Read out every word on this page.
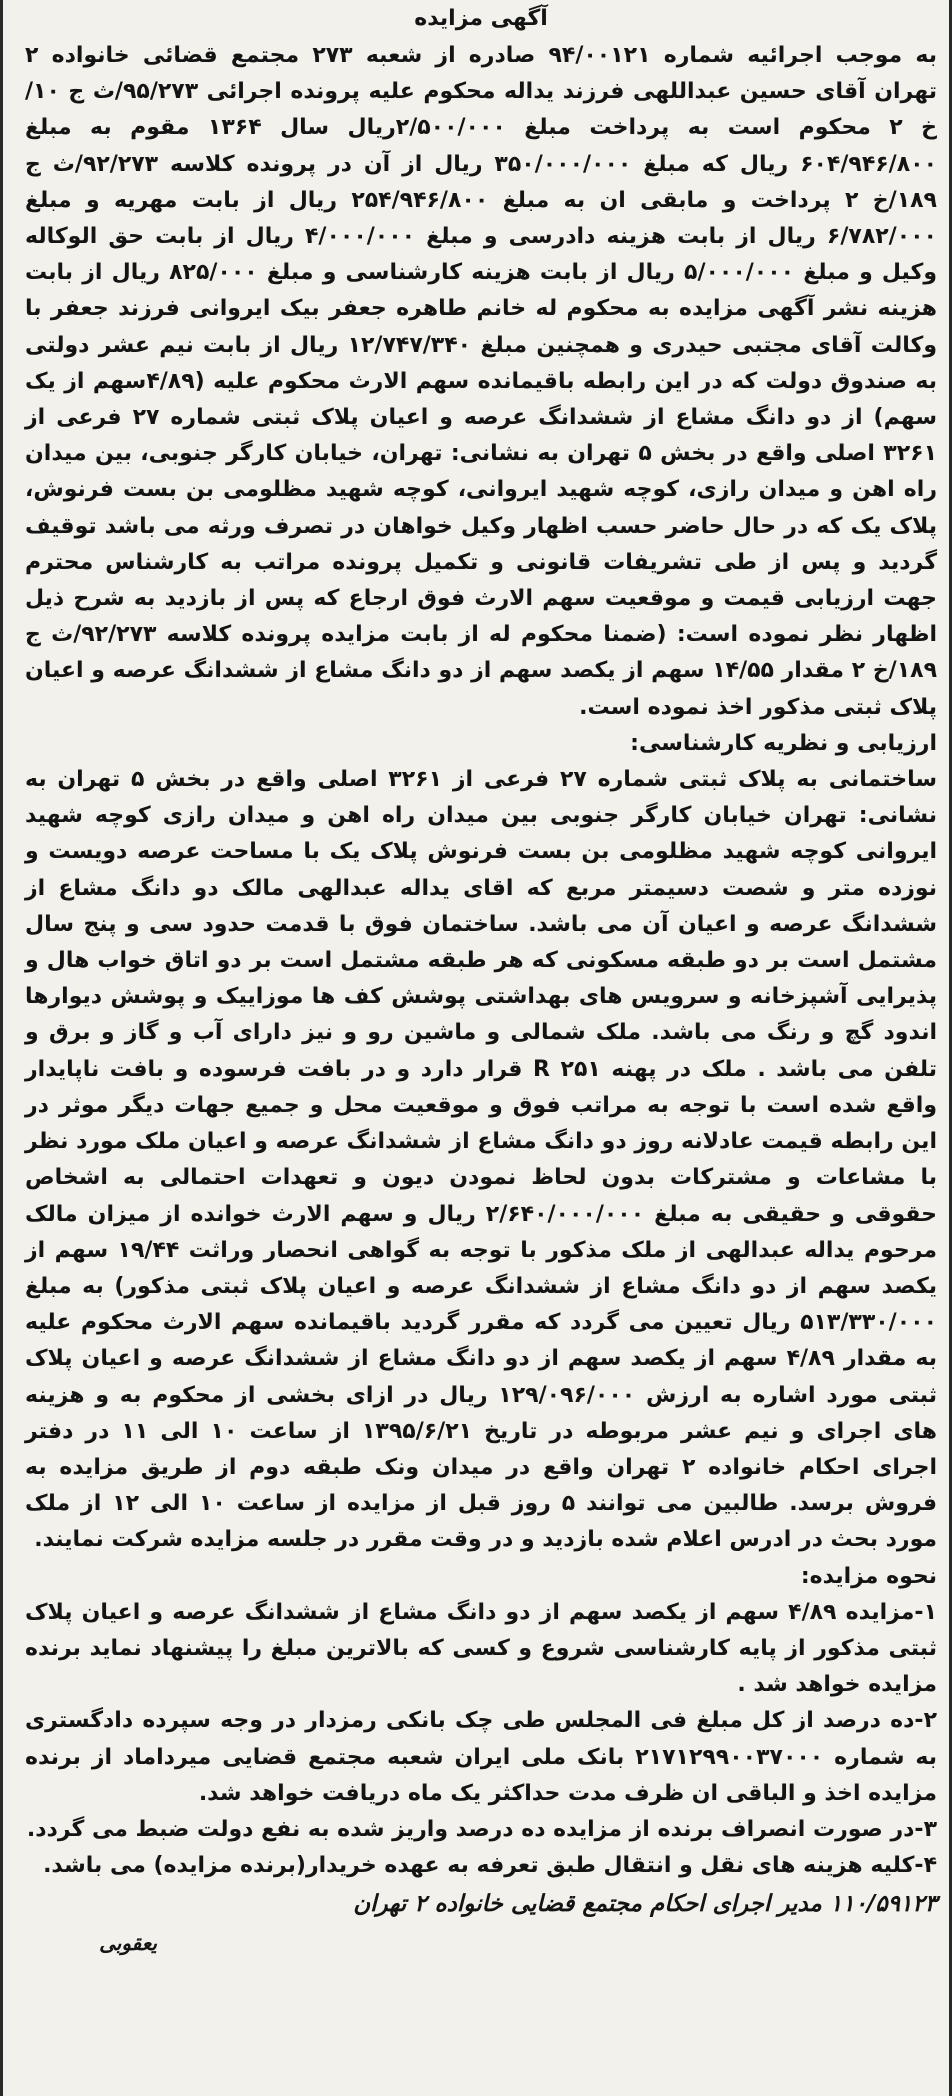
آگهی مزایده

به موجب اجرائیه شماره ۹۴/۰۰۱۲۱ صادره از شعبه ۲۷۳ مجتمع قضائی خانواده ۲ تهران آقای حسین عبداللهی فرزند یداله محکوم علیه پرونده اجرائی ۹۵/۲۷۳/ث ج ۱۰/خ ۲ محکوم است به پرداخت مبلغ ۲/۵۰۰/۰۰۰ریال سال ۱۳۶۴ مقوم به مبلغ ۶۰۴/۹۴۶/۸۰۰ ریال که مبلغ ۳۵۰/۰۰۰/۰۰۰ ریال از آن در پرونده کلاسه ۹۲/۲۷۳/ث ج ۱۸۹/خ ۲ پرداخت و مابقی ان به مبلغ ۲۵۴/۹۴۶/۸۰۰ ریال از بابت مهریه و مبلغ ۶/۷۸۲/۰۰۰ ریال از بابت هزینه دادرسی و مبلغ ۴/۰۰۰/۰۰۰ ریال از بابت حق الوکاله وکیل و مبلغ ۵/۰۰۰/۰۰۰ ریال از بابت هزینه کارشناسی و مبلغ ۸۲۵/۰۰۰ ریال از بابت هزینه نشر آگهی مزایده به محکوم له خانم طاهره جعفر بیک ایروانی فرزند جعفر با وکالت آقای مجتبی حیدری و همچنین مبلغ ۱۲/۷۴۷/۳۴۰ ریال از بابت نیم عشر دولتی به صندوق دولت که در این رابطه باقیمانده سهم الارث محکوم علیه (۴/۸۹سهم از یک سهم) از دو دانگ مشاع از ششدانگ عرصه و اعیان پلاک ثبتی شماره ۲۷ فرعی از ۳۲۶۱ اصلی واقع در بخش ۵ تهران به نشانی: تهران، خیابان کارگر جنوبی، بین میدان راه اهن و میدان رازی، کوچه شهید ایروانی، کوچه شهید مظلومی بن بست فرنوش، پلاک یک که در حال حاضر حسب اظهار وکیل خواهان در تصرف ورثه می باشد توقیف گردید و پس از طی تشریفات قانونی و تکمیل پرونده مراتب به کارشناس محترم جهت ارزیابی قیمت و موقعیت سهم الارث فوق ارجاع که پس از بازدید به شرح ذیل اظهار نظر نموده است: (ضمنا محکوم له از بابت مزایده پرونده کلاسه ۹۲/۲۷۳/ث ج ۱۸۹/خ ۲ مقدار ۱۴/۵۵ سهم از یکصد سهم از دو دانگ مشاع از ششدانگ عرصه و اعیان پلاک ثبتی مذکور اخذ نموده است.

ارزیابی و نظریه کارشناسی:

ساختمانی به پلاک ثبتی شماره ۲۷ فرعی از ۳۲۶۱ اصلی واقع در بخش ۵ تهران به نشانی: تهران خیابان کارگر جنوبی بین میدان راه اهن و میدان رازی کوچه شهید ایروانی کوچه شهید مظلومی بن بست فرنوش پلاک یک با مساحت عرصه دویست و نوزده متر و شصت دسیمتر مربع که اقای یداله عبدالهی مالک دو دانگ مشاع از ششدانگ عرصه و اعیان آن می باشد. ساختمان فوق با قدمت حدود سی و پنج سال مشتمل است بر دو طبقه مسکونی که هر طبقه مشتمل است بر دو اتاق خواب هال و پذیرایی آشپزخانه و سرویس های بهداشتی پوشش کف ها موزاییک و پوشش دیوارها اندود گچ و رنگ می باشد. ملک شمالی و ماشین رو و نیز دارای آب و گاز و برق و تلفن می باشد . ملک در پهنه R ۲۵۱ قرار دارد و در بافت فرسوده و بافت ناپایدار واقع شده است با توجه به مراتب فوق و موقعیت محل و جمیع جهات دیگر موثر در این رابطه قیمت عادلانه روز دو دانگ مشاع از ششدانگ عرصه و اعیان ملک مورد نظر با مشاعات و مشترکات بدون لحاظ نمودن دیون و تعهدات احتمالی به اشخاص حقوقی و حقیقی به مبلغ ۲/۶۴۰/۰۰۰/۰۰۰ ریال و سهم الارث خوانده از میزان مالک مرحوم یداله عبدالهی از ملک مذکور با توجه به گواهی انحصار وراثت ۱۹/۴۴ سهم از یکصد سهم از دو دانگ مشاع از ششدانگ عرصه و اعیان پلاک ثبتی مذکور) به مبلغ ۵۱۳/۳۳۰/۰۰۰ ریال تعیین می گردد که مقرر گردید باقیمانده سهم الارث محکوم علیه به مقدار ۴/۸۹ سهم از یکصد سهم از دو دانگ مشاع از ششدانگ عرصه و اعیان پلاک ثبتی مورد اشاره به ارزش ۱۲۹/۰۹۶/۰۰۰ ریال در ازای بخشی از محکوم به و هزینه های اجرای و نیم عشر مربوطه در تاریخ ۱۳۹۵/۶/۲۱ از ساعت ۱۰ الی ۱۱ در دفتر اجرای احکام خانواده ۲ تهران واقع در میدان ونک طبقه دوم از طریق مزایده به فروش برسد. طالبین می توانند ۵ روز قبل از مزایده از ساعت ۱۰ الی ۱۲ از ملک مورد بحث در ادرس اعلام شده بازدید و در وقت مقرر در جلسه مزایده شرکت نمایند.

نحوه مزایده:

۱-مزایده ۴/۸۹ سهم از یکصد سهم از دو دانگ مشاع از ششدانگ عرصه و اعیان پلاک ثبتی مذکور از پایه کارشناسی شروع و کسی که بالاترین مبلغ را پیشنهاد نماید برنده مزایده خواهد شد .

۲-ده درصد از کل مبلغ فی المجلس طی چک بانکی رمزدار در وجه سپرده دادگستری به شماره ۲۱۷۱۲۹۹۰۰۳۷۰۰۰ بانک ملی ایران شعبه مجتمع قضایی میرداماد از برنده مزایده اخذ و الباقی ان ظرف مدت حداکثر یک ماه دریافت خواهد شد.

۳-در صورت انصراف برنده از مزایده ده درصد واریز شده به نفع دولت ضبط می گردد.

۴-کلیه هزینه های نقل و انتقال طبق تعرفه به عهده خریدار(برنده مزایده) می باشد.

۱۱۰/۵۹۱۲۳ مدیر اجرای احکام مجتمع قضایی خانواده ۲ تهران

یعقوبی
